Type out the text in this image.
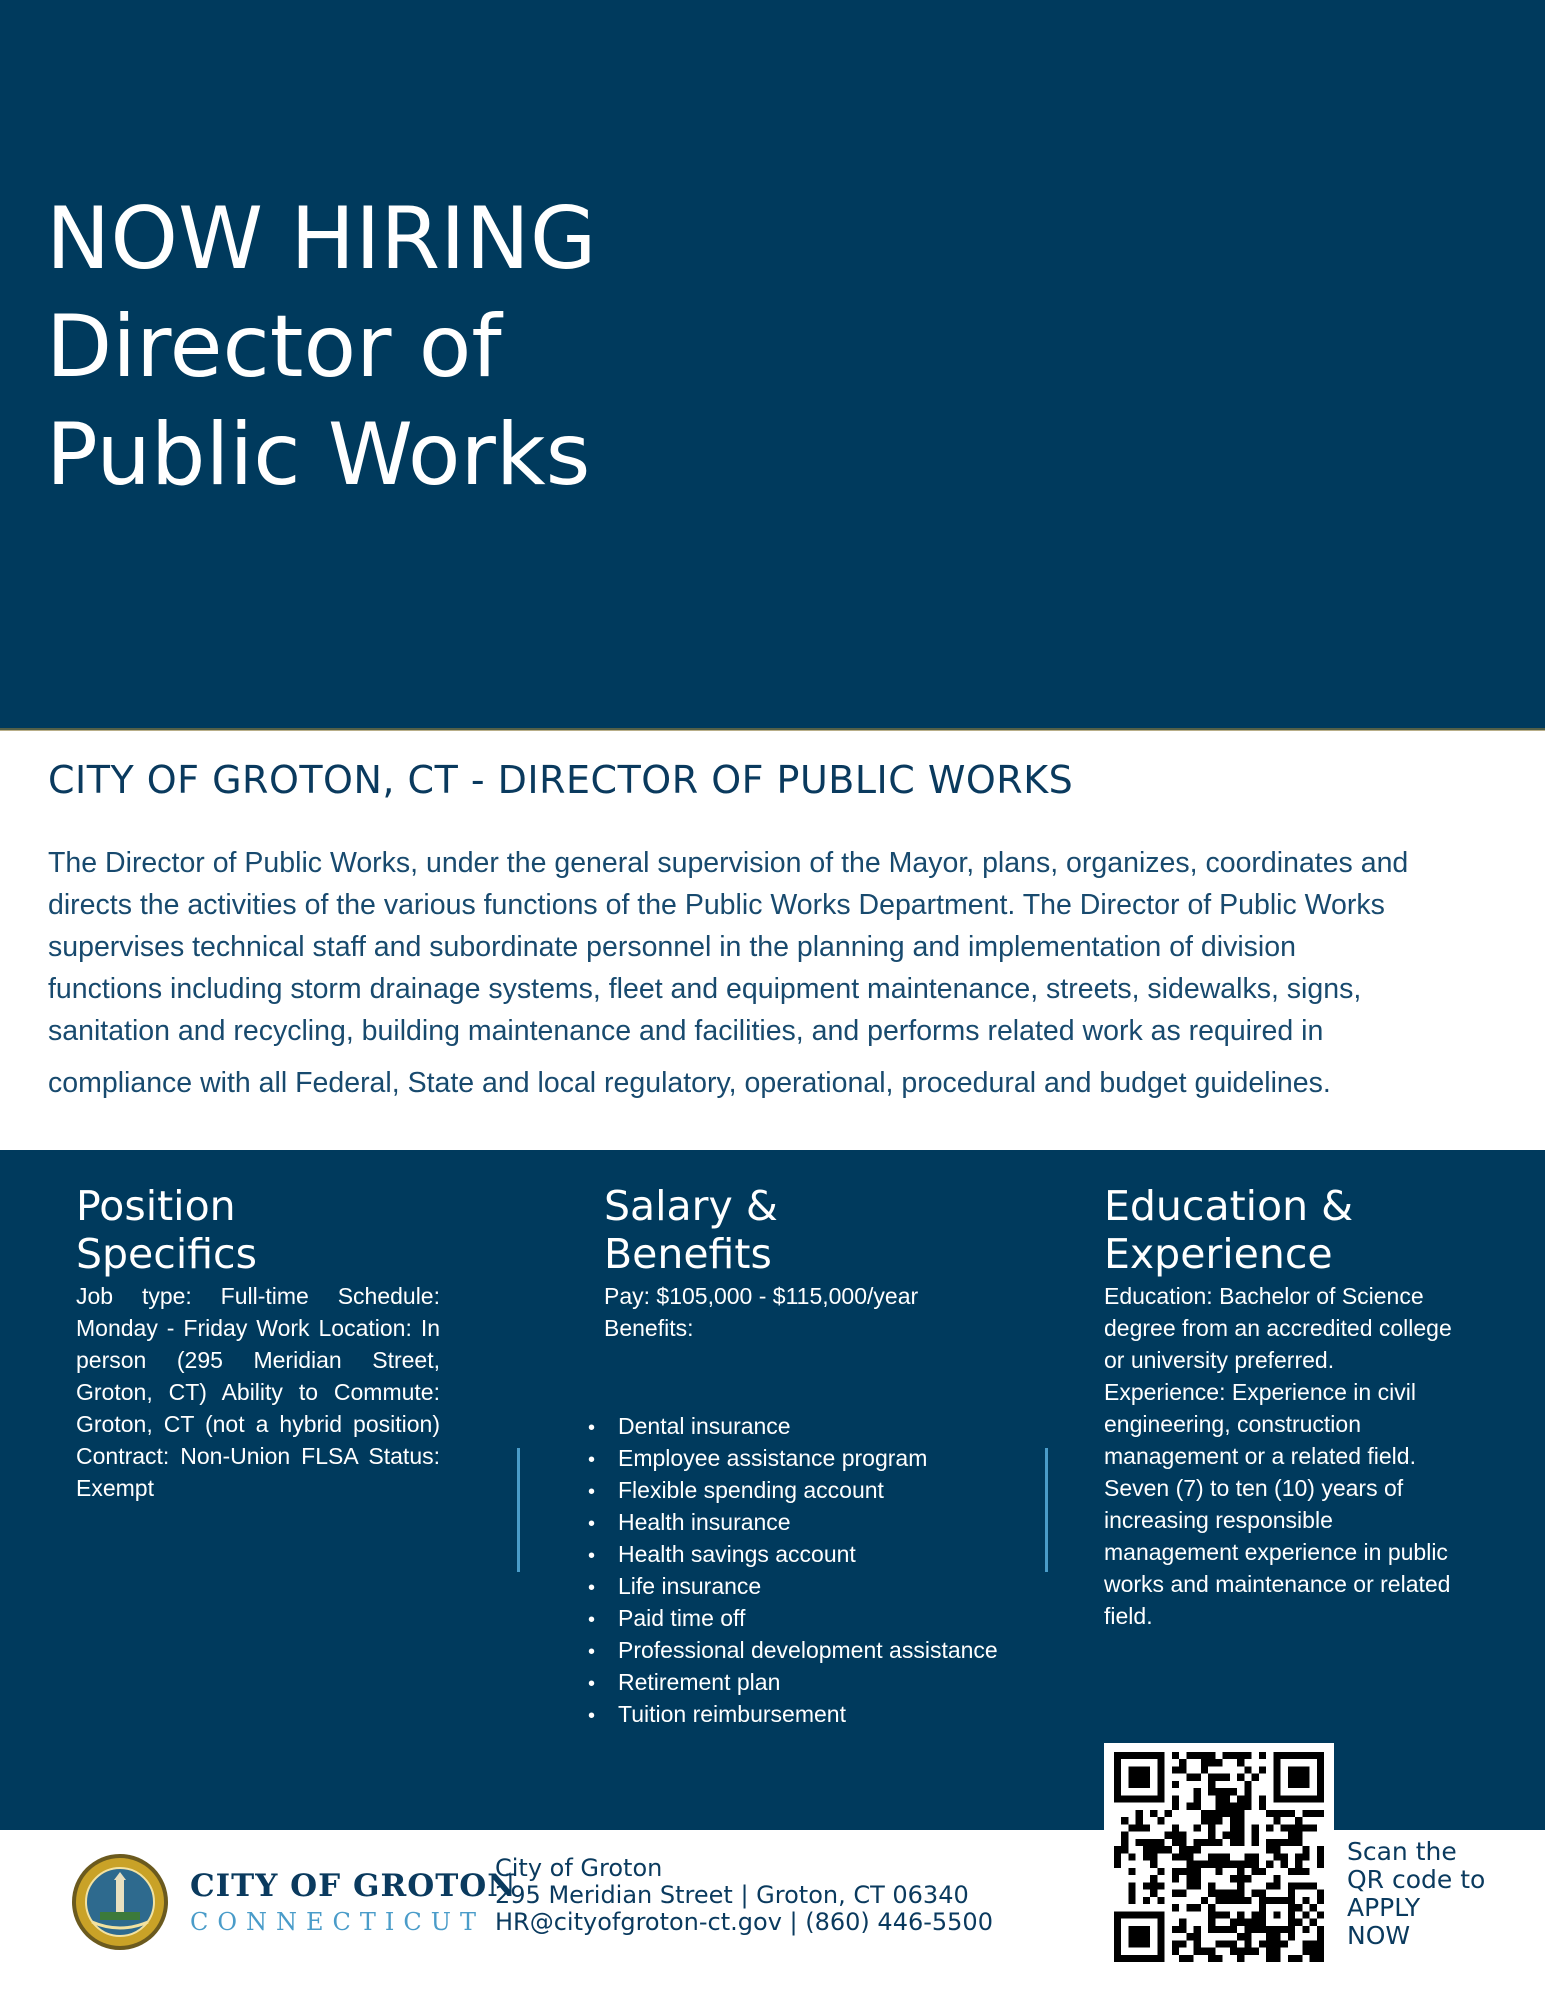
NOW HIRING
Director of
Public Works
CITY OF GROTON, CT - DIRECTOR OF PUBLIC WORKS
The Director of Public Works, under the general supervision of the Mayor, plans, organizes, coordinates and
directs the activities of the various functions of the Public Works Department. The Director of Public Works
supervises technical staff and subordinate personnel in the planning and implementation of division
functions including storm drainage systems, fleet and equipment maintenance, streets, sidewalks, signs,
sanitation and recycling, building maintenance and facilities, and performs related work as required in
compliance with all Federal, State and local regulatory, operational, procedural and budget guidelines.
Position
Specifics
Job type: Full-time Schedule: Monday - Friday Work Location: In person (295 Meridian Street, Groton, CT) Ability to Commute: Groton, CT (not a hybrid position) Contract: Non-Union FLSA Status: Exempt
Salary &
Benefits
Pay: $105,000 - $115,000/year
Benefits:
• Dental insurance
• Employee assistance program
• Flexible spending account
• Health insurance
• Health savings account
• Life insurance
• Paid time off
• Professional development assistance
• Retirement plan
• Tuition reimbursement
Education &
Experience
Education: Bachelor of Science
degree from an accredited college
or university preferred.
Experience: Experience in civil
engineering, construction
management or a related field.
Seven (7) to ten (10) years of
increasing responsible
management experience in public
works and maintenance or related
field.
CITY OF GROTON
CONNECTICUT
City of Groton
295 Meridian Street | Groton, CT 06340
HR@cityofgroton-ct.gov | (860) 446-5500
Scan the
QR code to
APPLY
NOW
